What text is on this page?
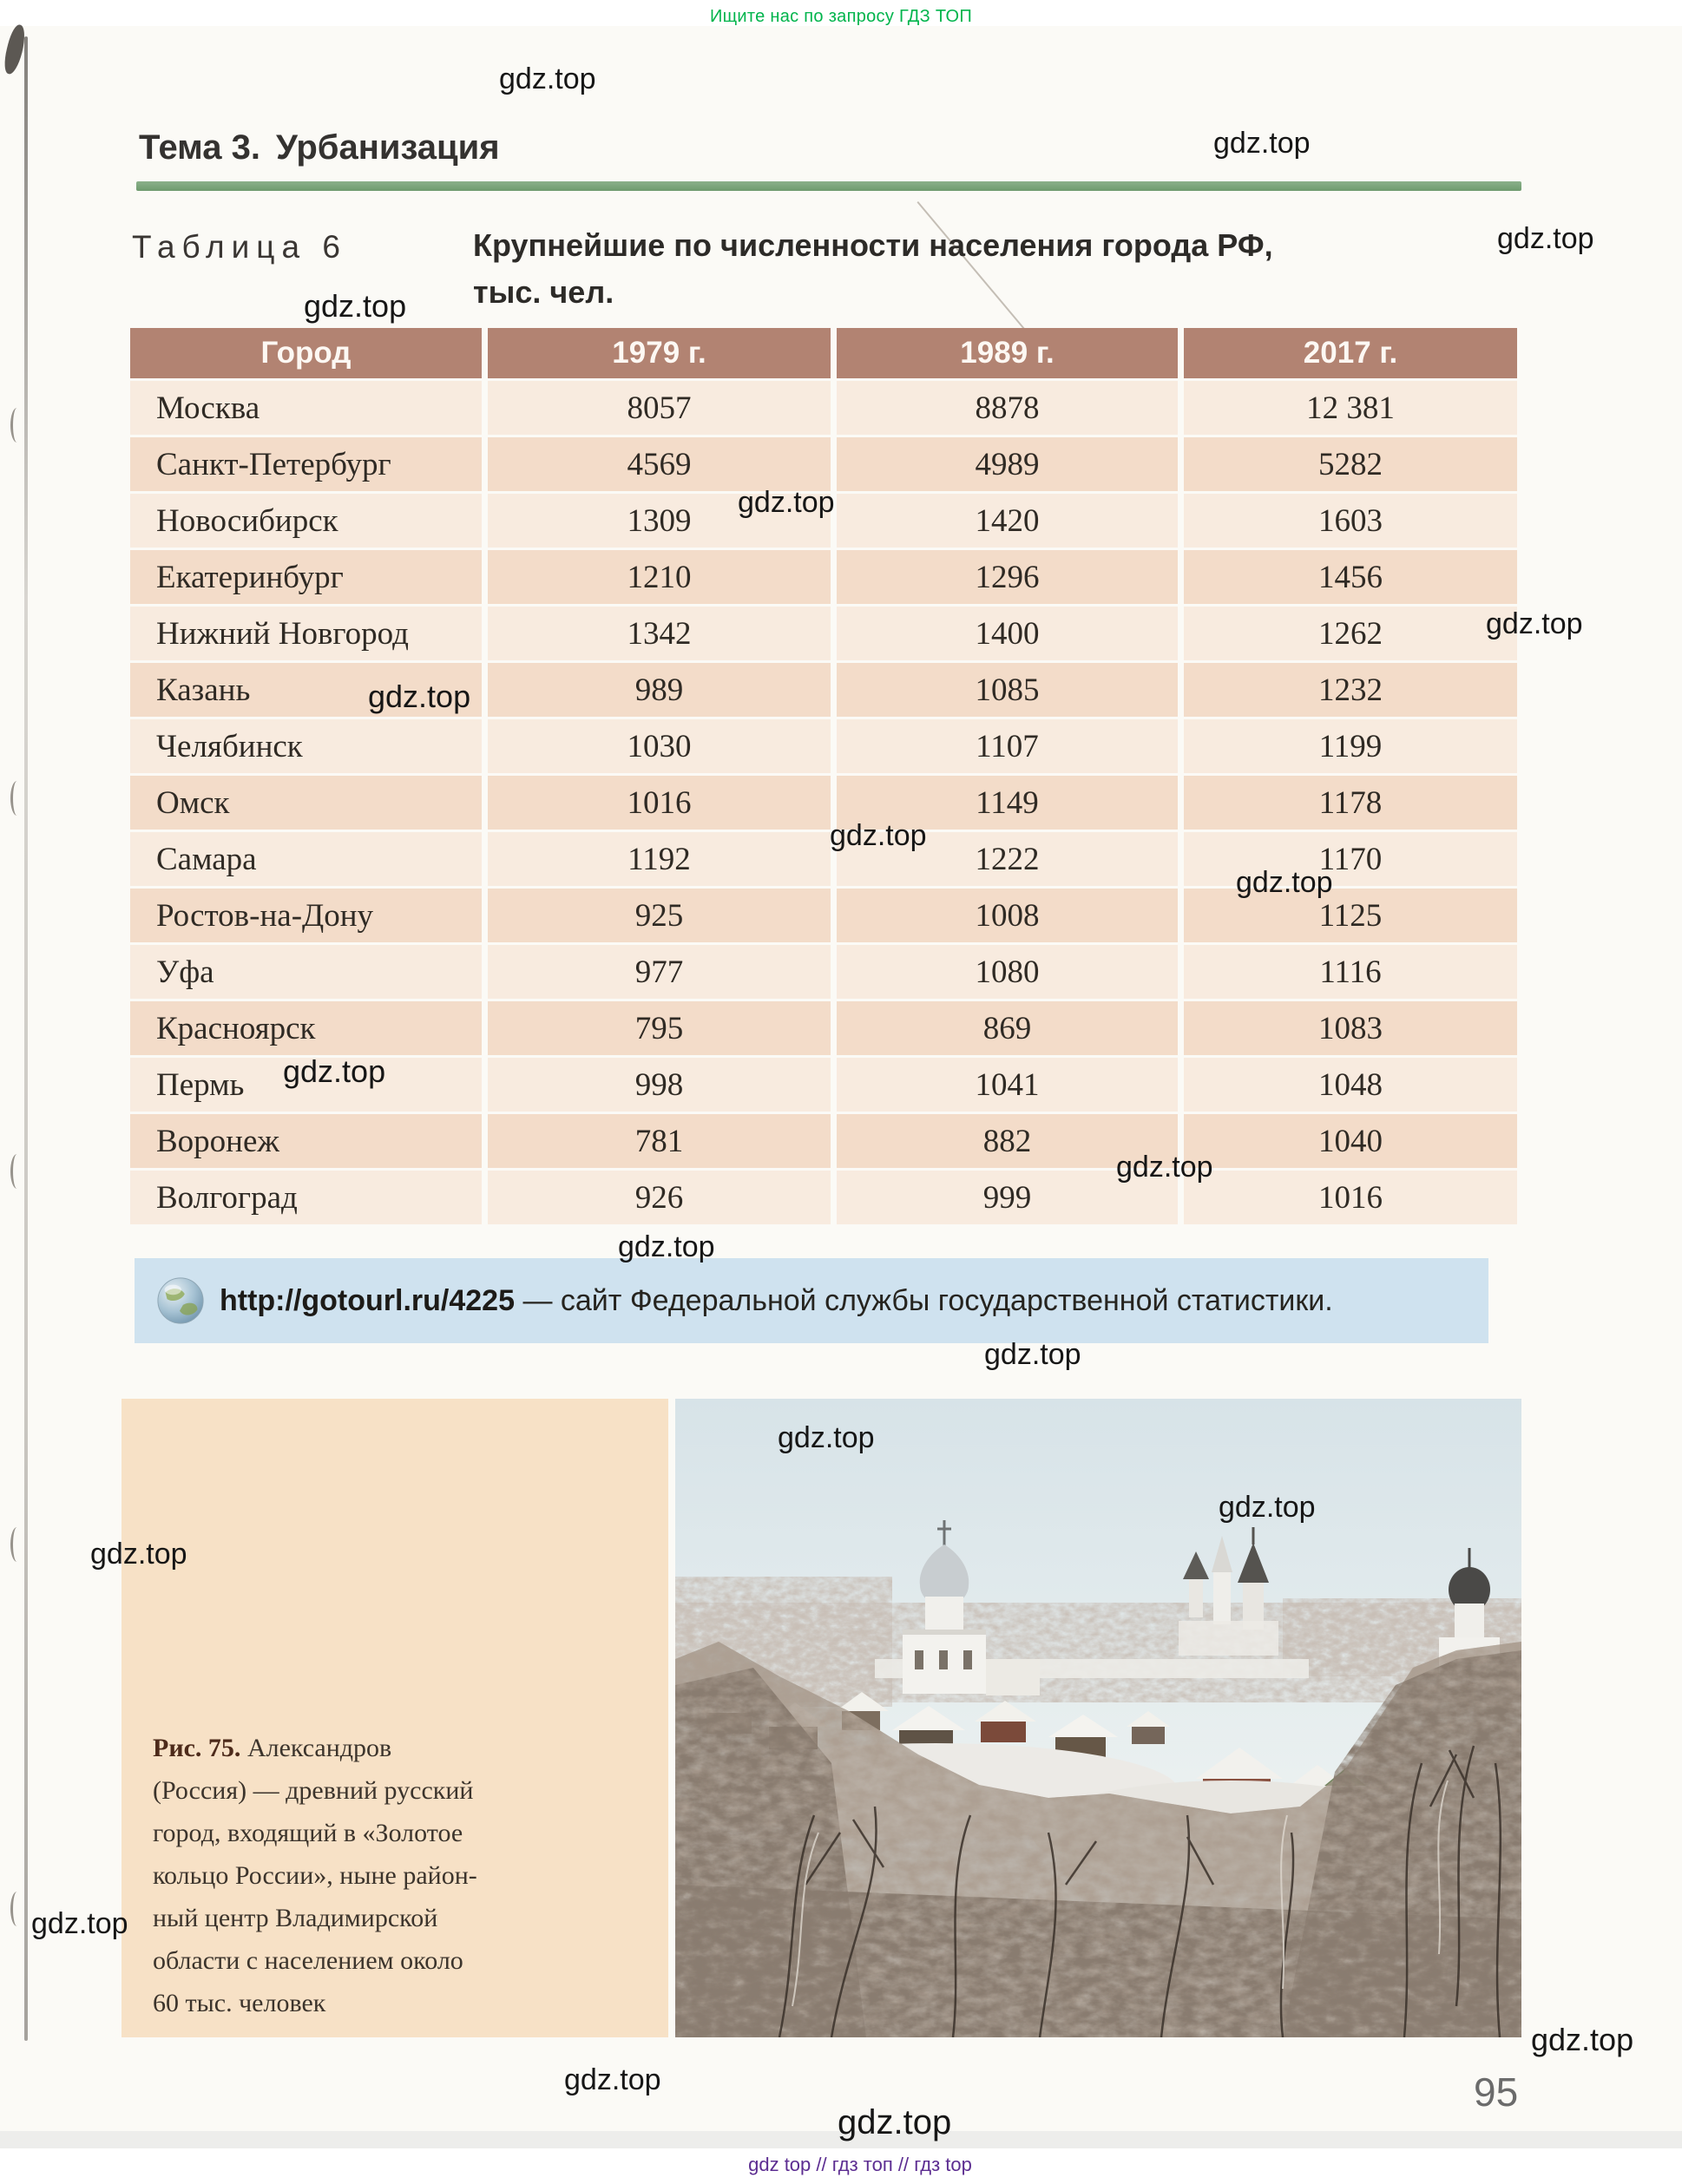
Ищите нас по запросу ГДЗ ТОП
Тема 3. Урбанизация
Таблица 6	Крупнейшие по численности населения города РФ,
тыс. чел.
Город	1979 г.	1989 г.	2017 г.
Москва	8057	8878	12 381
Санкт-Петербург	4569	4989	5282
Новосибирск	1309	1420	1603
Екатеринбург	1210	1296	1456
Нижний Новгород	1342	1400	1262
Казань	989	1085	1232
Челябинск	1030	1107	1199
Омск	1016	1149	1178
Самара	1192	1222	1170
Ростов-на-Дону	925	1008	1125
Уфа	977	1080	1116
Красноярск	795	869	1083
Пермь	998	1041	1048
Воронеж	781	882	1040
Волгоград	926	999	1016
http://gotourl.ru/4225 — сайт Федеральной службы государственной статистики.
Рис. 75. Александров
(Россия) — древний русский
город, входящий в «Золотое
кольцо России», ныне район-
ный центр Владимирской
области с населением около
60 тыс. человек
95
gdz top // гдз топ // гдз top
gdz.top
gdz.top
gdz.top
gdz.top
gdz.top
gdz.top
gdz.top
gdz.top
gdz.top
gdz.top
gdz.top
gdz.top
gdz.top
gdz.top
gdz.top
gdz.top
gdz.top
gdz.top
gdz.top
gdz.top
